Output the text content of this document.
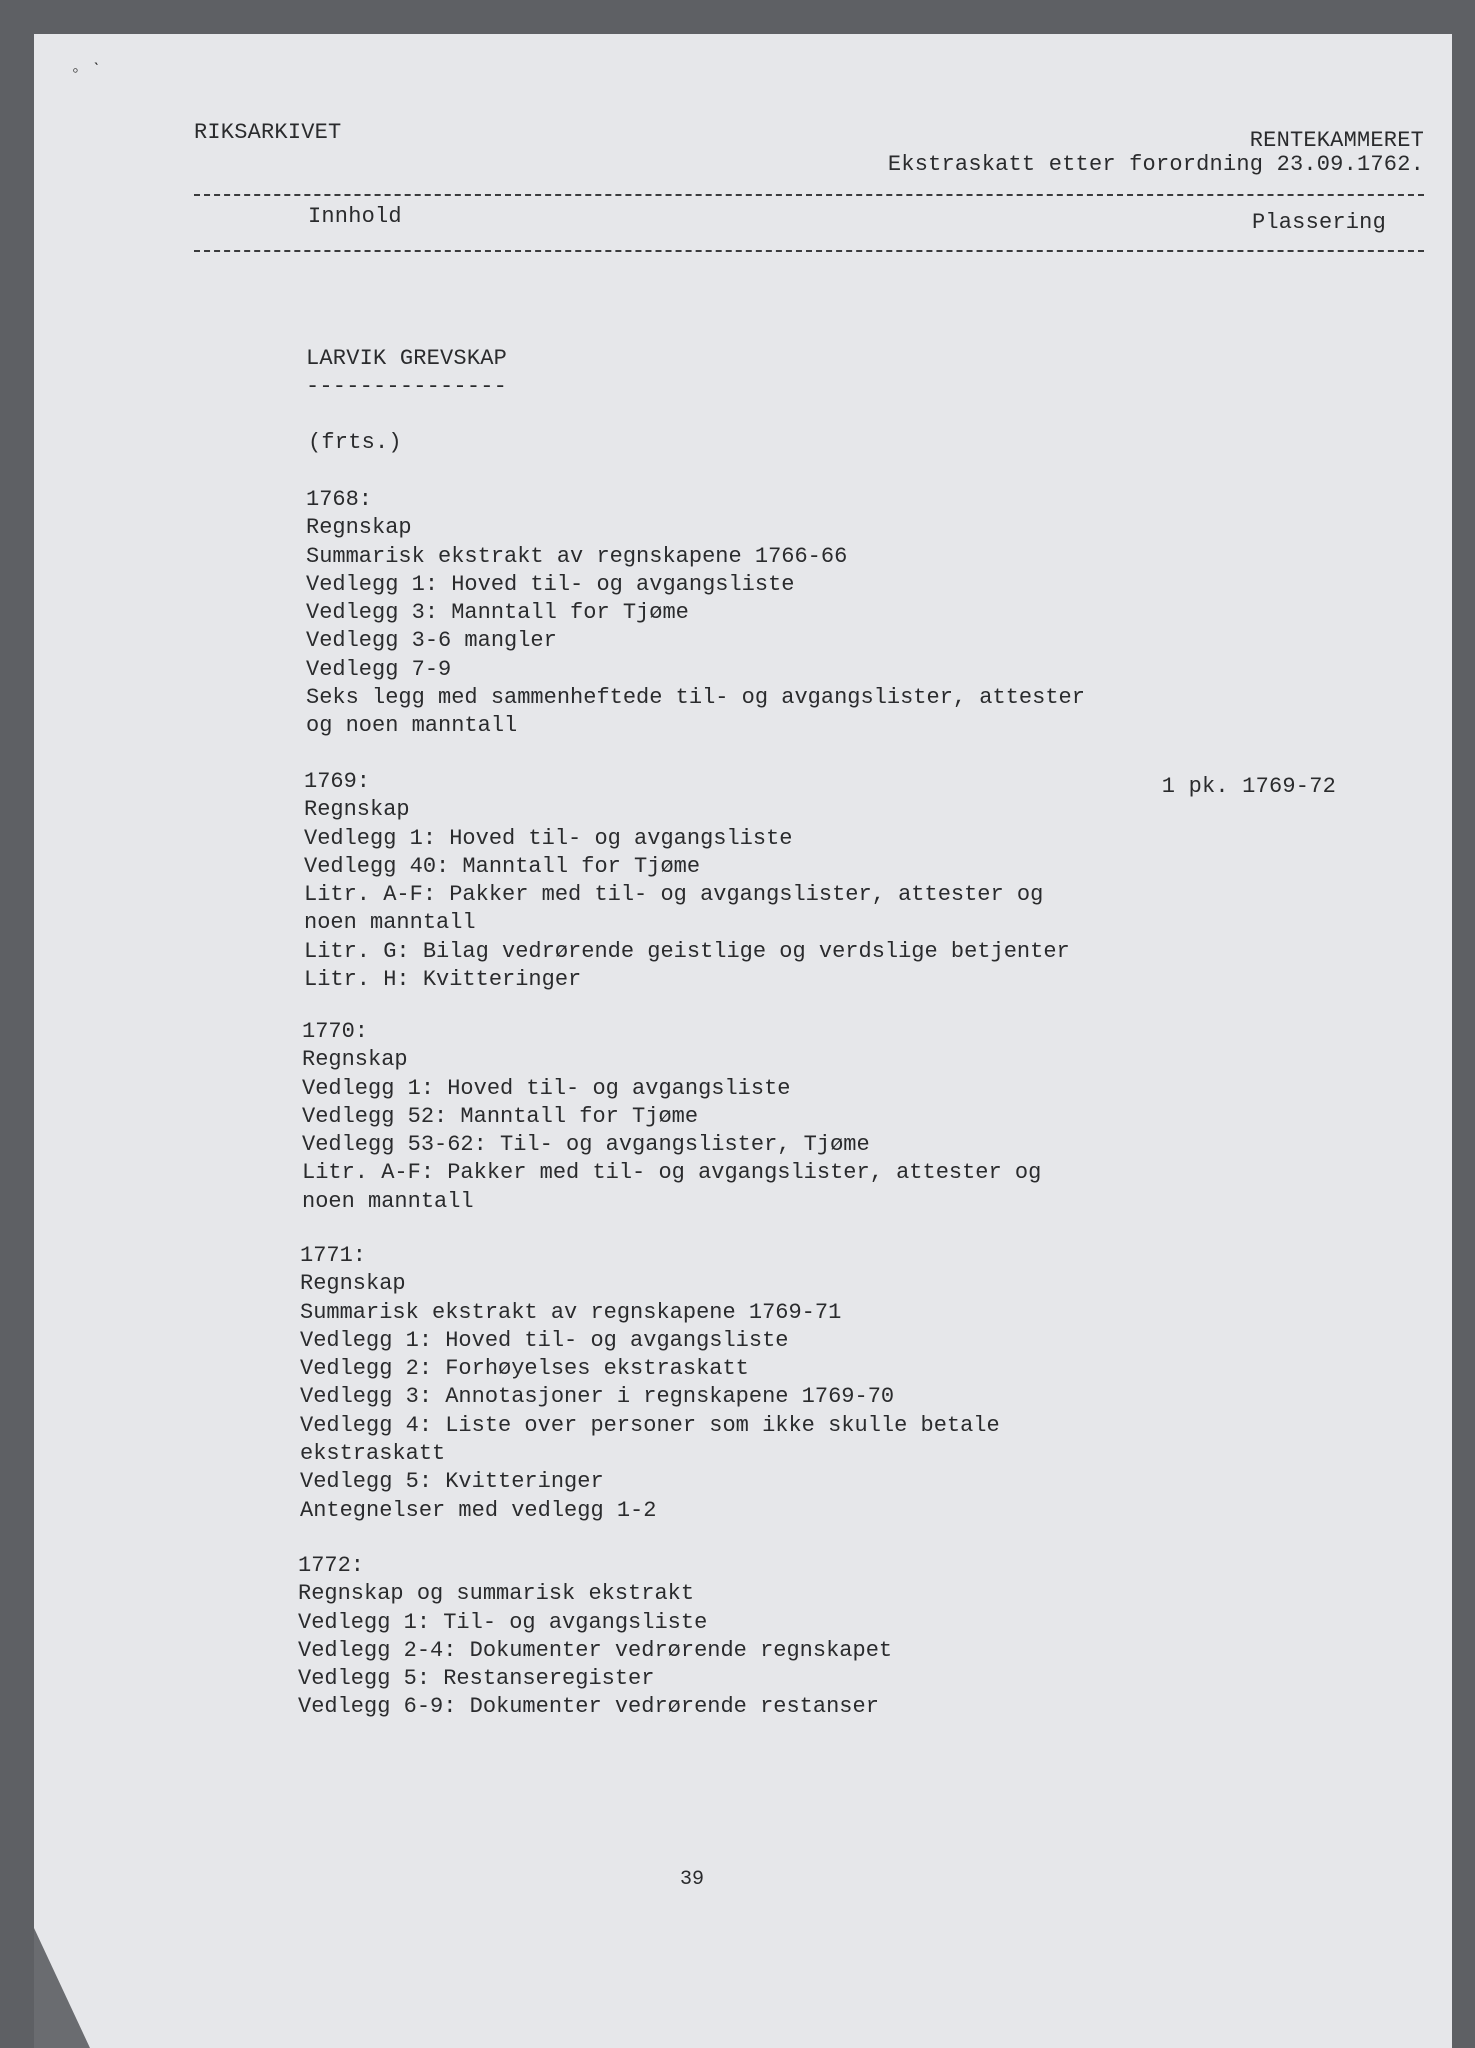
◦ ˋ
RIKSARKIVET	RENTEKAMMERET
Ekstraskatt etter forordning 23.09.1762.
Innhold	Plassering
LARVIK GREVSKAP
---------------
(frts.)
1768:
Regnskap
Summarisk ekstrakt av regnskapene 1766-66
Vedlegg 1: Hoved til- og avgangsliste
Vedlegg 3: Manntall for Tjøme
Vedlegg 3-6 mangler
Vedlegg 7-9
Seks legg med sammenheftede til- og avgangslister, attester
og noen manntall
1769:
Regnskap
Vedlegg 1: Hoved til- og avgangsliste
Vedlegg 40: Manntall for Tjøme
Litr. A-F: Pakker med til- og avgangslister, attester og
noen manntall
Litr. G: Bilag vedrørende geistlige og verdslige betjenter
Litr. H: Kvitteringer
1 pk. 1769-72
1770:
Regnskap
Vedlegg 1: Hoved til- og avgangsliste
Vedlegg 52: Manntall for Tjøme
Vedlegg 53-62: Til- og avgangslister, Tjøme
Litr. A-F: Pakker med til- og avgangslister, attester og
noen manntall
1771:
Regnskap
Summarisk ekstrakt av regnskapene 1769-71
Vedlegg 1: Hoved til- og avgangsliste
Vedlegg 2: Forhøyelses ekstraskatt
Vedlegg 3: Annotasjoner i regnskapene 1769-70
Vedlegg 4: Liste over personer som ikke skulle betale
ekstraskatt
Vedlegg 5: Kvitteringer
Antegnelser med vedlegg 1-2
1772:
Regnskap og summarisk ekstrakt
Vedlegg 1: Til- og avgangsliste
Vedlegg 2-4: Dokumenter vedrørende regnskapet
Vedlegg 5: Restanseregister
Vedlegg 6-9: Dokumenter vedrørende restanser
39
